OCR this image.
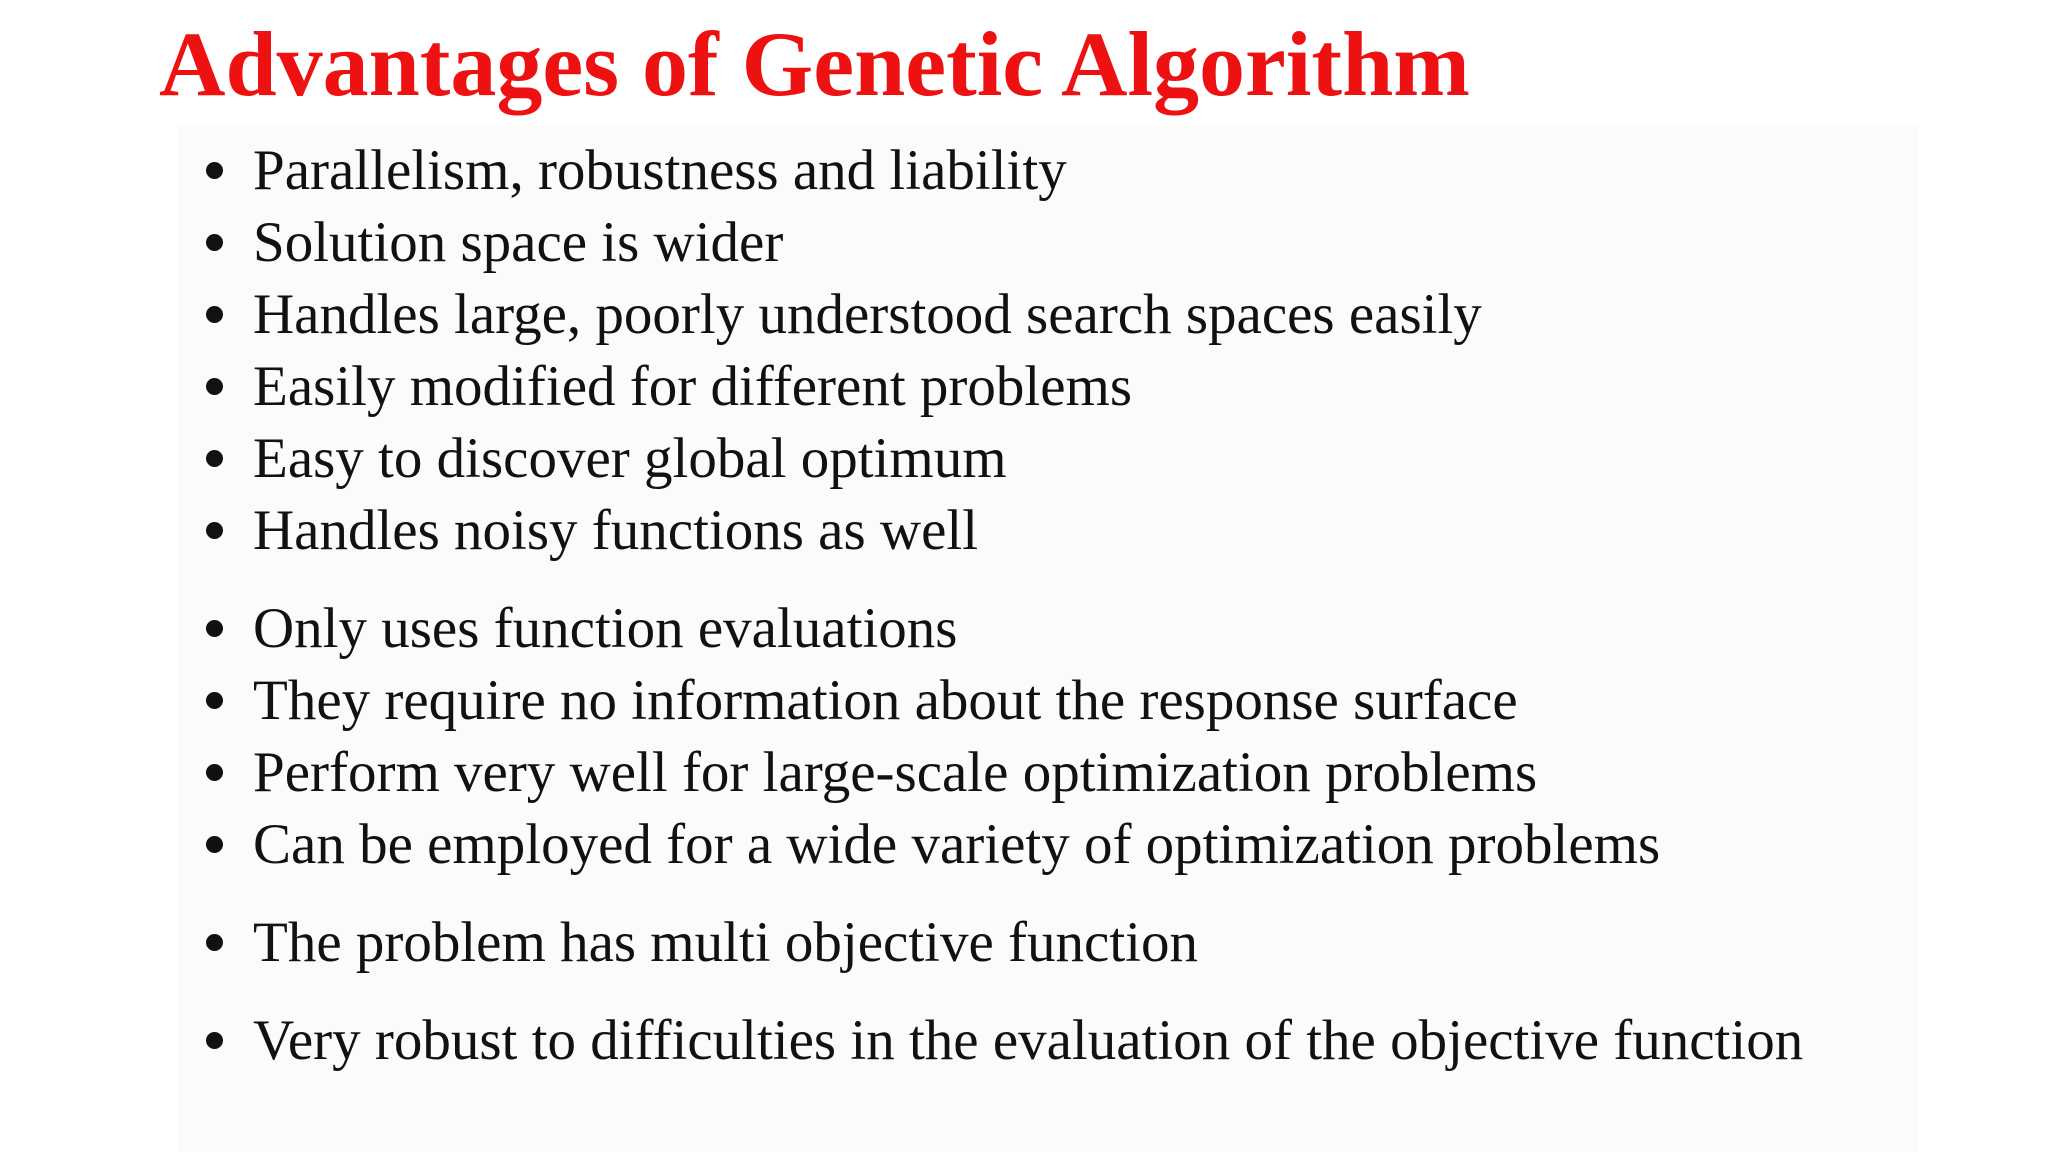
Advantages of Genetic Algorithm
Parallelism, robustness and liability
Solution space is wider
Handles large, poorly understood search spaces easily
Easily modified for different problems
Easy to discover global optimum
Handles noisy functions as well
Only uses function evaluations
They require no information about the response surface
Perform very well for large-scale optimization problems
Can be employed for a wide variety of optimization problems
The problem has multi objective function
Very robust to difficulties in the evaluation of the objective function
